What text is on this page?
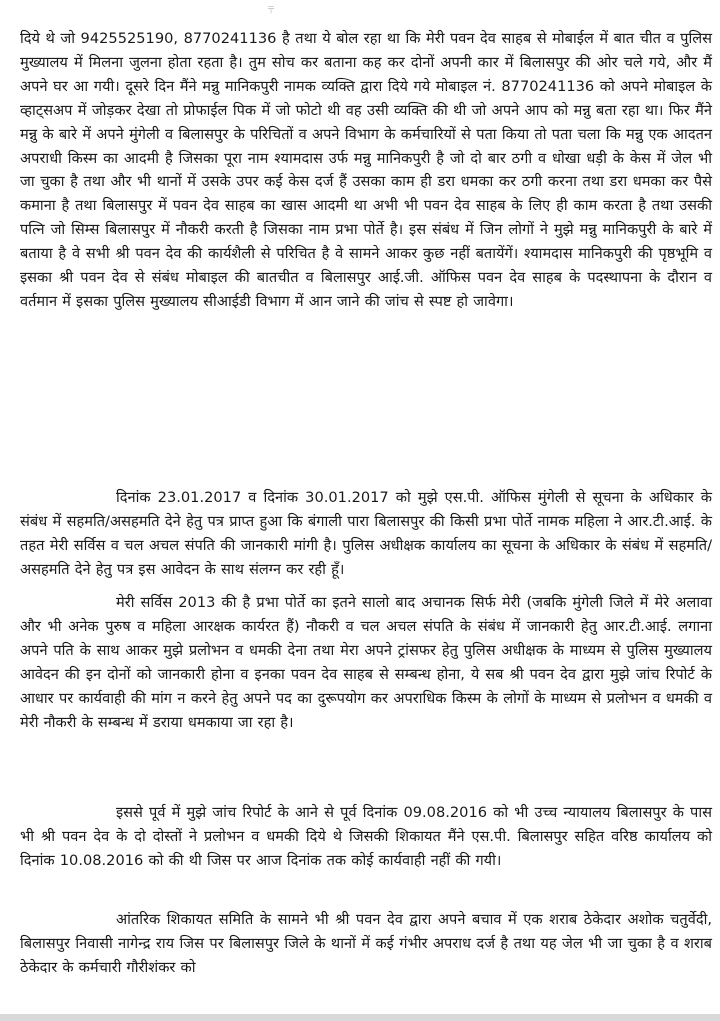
╤

दिये थे जो 9425525190, 8770241136 है तथा ये बोल रहा था कि मेरी पवन देव साहब से मोबाईल में बात चीत व पुलिस मुख्यालय में मिलना जुलना होता रहता है। तुम सोच कर बताना कह कर दोनों अपनी कार में बिलासपुर की ओर चले गये, और मैं अपने घर आ गयी। दूसरे दिन मैंने मन्नु मानिकपुरी नामक व्यक्ति द्वारा दिये गये मोबाइल नं. 8770241136 को अपने मोबाइल के व्हाट्सअप में जोड़कर देखा तो प्रोफाईल पिक में जो फोटो थी वह उसी व्यक्ति की थी जो अपने आप को मन्नु बता रहा था। फिर मैंने मन्नु के बारे में अपने मुंगेली व बिलासपुर के परिचितों व अपने विभाग के कर्मचारियों से पता किया तो पता चला कि मन्नु एक आदतन अपराधी किस्म का आदमी है जिसका पूरा नाम श्यामदास उर्फ मन्नु मानिकपुरी है जो दो बार ठगी व धोखा धड़ी के केस में जेल भी जा चुका है तथा और भी थानों में उसके उपर कई केस दर्ज हैं उसका काम ही डरा धमका कर ठगी करना तथा डरा धमका कर पैसे कमाना है तथा बिलासपुर में पवन देव साहब का खास आदमी था अभी भी पवन देव साहब के लिए ही काम करता है तथा उसकी पत्नि जो सिम्स बिलासपुर में नौकरी करती है जिसका नाम प्रभा पोर्ते है। इस संबंध में जिन लोगों ने मुझे मन्नु मानिकपुरी के बारे में बताया है वे सभी श्री पवन देव की कार्यशैली से परिचित है वे सामने आकर कुछ नहीं बतायेंगें। श्यामदास मानिकपुरी की पृष्ठभूमि व इसका श्री पवन देव से संबंध मोबाइल की बातचीत व बिलासपुर आई.जी. ऑफिस पवन देव साहब के पदस्थापना के दौरान व वर्तमान में इसका पुलिस मुख्यालय सीआईडी विभाग में आन जाने की जांच से स्पष्ट हो जावेगा।

दिनांक 23.01.2017 व दिनांक 30.01.2017 को मुझे एस.पी. ऑफिस मुंगेली से सूचना के अधिकार के संबंध में सहमति/असहमति देने हेतु पत्र प्राप्त हुआ कि बंगाली पारा बिलासपुर की किसी प्रभा पोर्ते नामक महिला ने आर.टी.आई. के तहत मेरी सर्विस व चल अचल संपति की जानकारी मांगी है। पुलिस अधीक्षक कार्यालय का सूचना के अधिकार के संबंध में सहमति/असहमति देने हेतु पत्र इस आवेदन के साथ संलग्न कर रही हूँ।

मेरी सर्विस 2013 की है प्रभा पोर्ते का इतने सालो बाद अचानक सिर्फ मेरी (जबकि मुंगेली जिले में मेरे अलावा और भी अनेक पुरुष व महिला आरक्षक कार्यरत हैं) नौकरी व चल अचल संपति के संबंध में जानकारी हेतु आर.टी.आई. लगाना अपने पति के साथ आकर मुझे प्रलोभन व धमकी देना तथा मेरा अपने ट्रांसफर हेतु पुलिस अधीक्षक के माध्यम से पुलिस मुख्यालय आवेदन की इन दोनों को जानकारी होना व इनका पवन देव साहब से सम्बन्ध होना, ये सब श्री पवन देव द्वारा मुझे जांच रिपोर्ट के आधार पर कार्यवाही की मांग न करने हेतु अपने पद का दुरूपयोग कर अपराधिक किस्म के लोगों के माध्यम से प्रलोभन व धमकी व मेरी नौकरी के सम्बन्ध में डराया धमकाया जा रहा है।

इससे पूर्व में मुझे जांच रिपोर्ट के आने से पूर्व दिनांक 09.08.2016 को भी उच्च न्यायालय बिलासपुर के पास भी श्री पवन देव के दो दोस्तों ने प्रलोभन व धमकी दिये थे जिसकी शिकायत मैंने एस.पी. बिलासपुर सहित वरिष्ठ कार्यालय को दिनांक 10.08.2016 को की थी जिस पर आज दिनांक तक कोई कार्यवाही नहीं की गयी।

आंतरिक शिकायत समिति के सामने भी श्री पवन देव द्वारा अपने बचाव में एक शराब ठेकेदार अशोक चतुर्वेदी, बिलासपुर निवासी नागेन्द्र राय जिस पर बिलासपुर जिले के थानों में कई गंभीर अपराध दर्ज है तथा यह जेल भी जा चुका है व शराब ठेकेदार के कर्मचारी गौरीशंकर को
